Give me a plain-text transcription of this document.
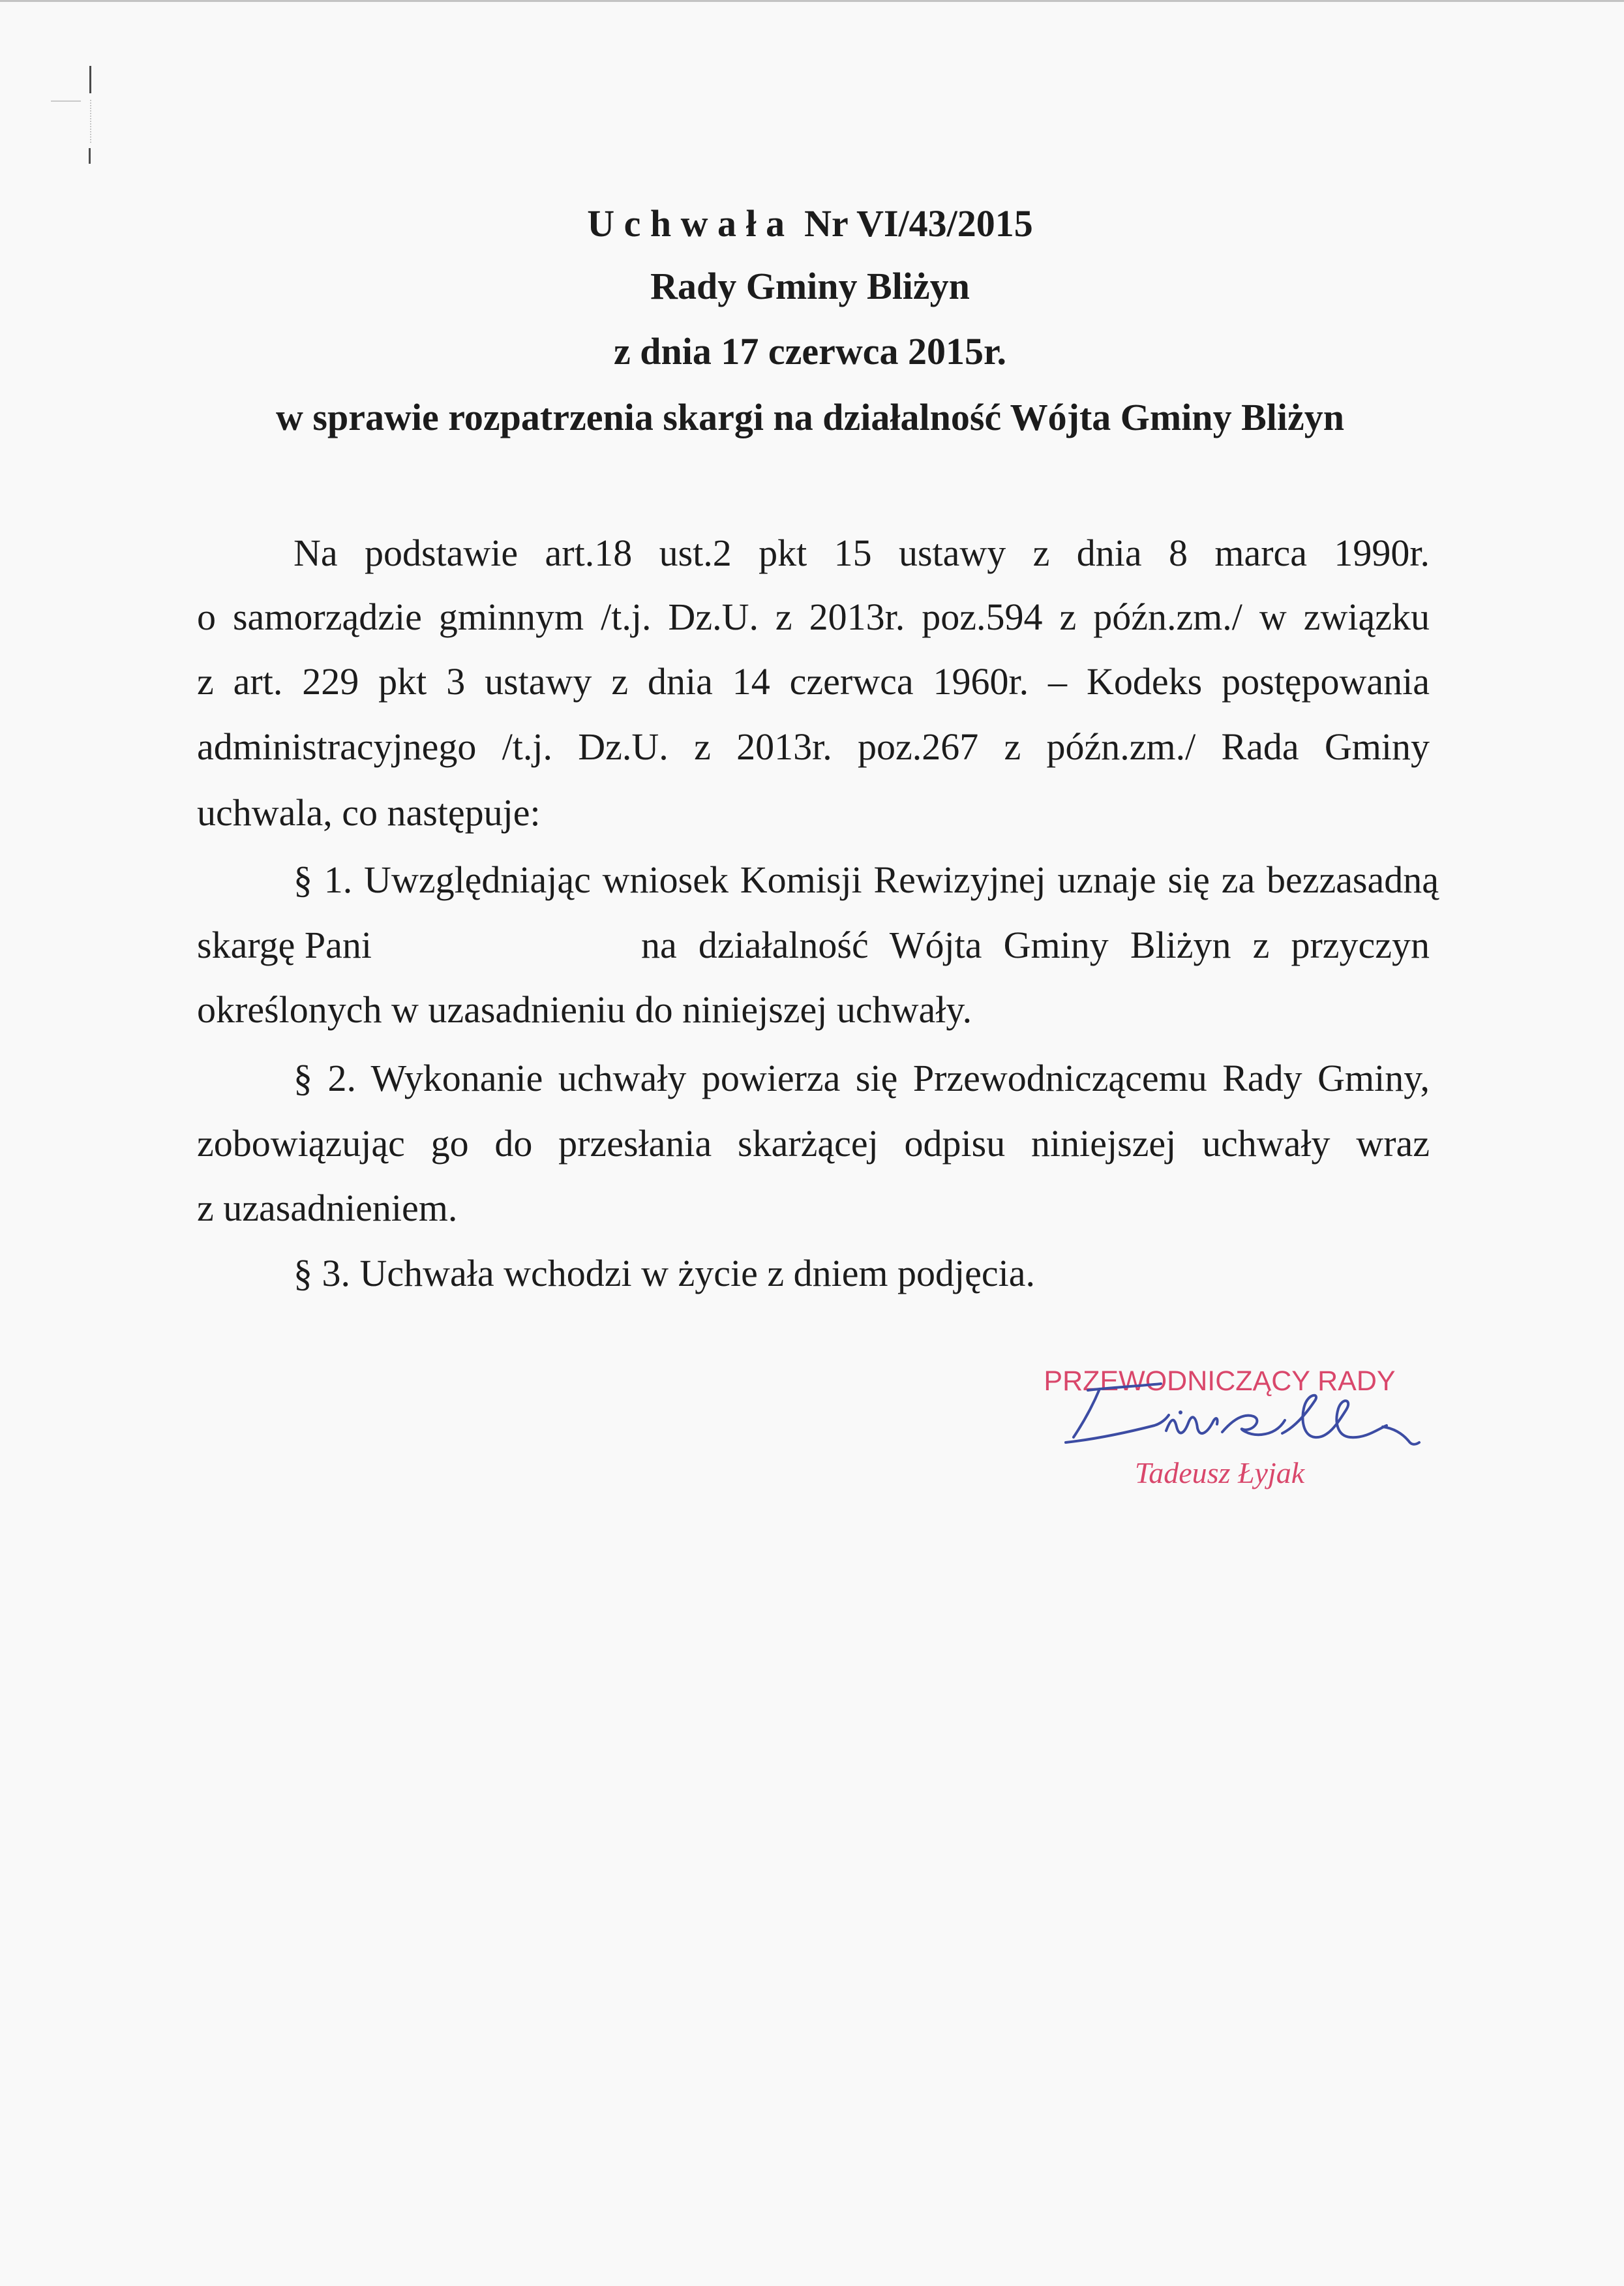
U c h w a ł a Nr VI/43/2015
Rady Gminy Bliżyn
z dnia 17 czerwca 2015r.
w sprawie rozpatrzenia skargi na działalność Wójta Gminy Bliżyn
Na podstawie art.18 ust.2 pkt 15 ustawy z dnia 8 marca 1990r.
o samorządzie gminnym /t.j. Dz.U. z 2013r. poz.594 z późn.zm./ w związku
z art. 229 pkt 3 ustawy z dnia 14 czerwca 1960r. – Kodeks postępowania
administracyjnego /t.j. Dz.U. z 2013r. poz.267 z późn.zm./ Rada Gminy
uchwala, co następuje:
§ 1. Uwzględniając wniosek Komisji Rewizyjnej uznaje się za bezzasadną
skargę Pani	na działalność Wójta Gminy Bliżyn z przyczyn
określonych w uzasadnieniu do niniejszej uchwały.
§ 2. Wykonanie uchwały powierza się Przewodniczącemu Rady Gminy,
zobowiązując go do przesłania skarżącej odpisu niniejszej uchwały wraz
z uzasadnieniem.
§ 3. Uchwała wchodzi w życie z dniem podjęcia.
PRZEWODNICZĄCY RADY
Tadeusz Łyjak
